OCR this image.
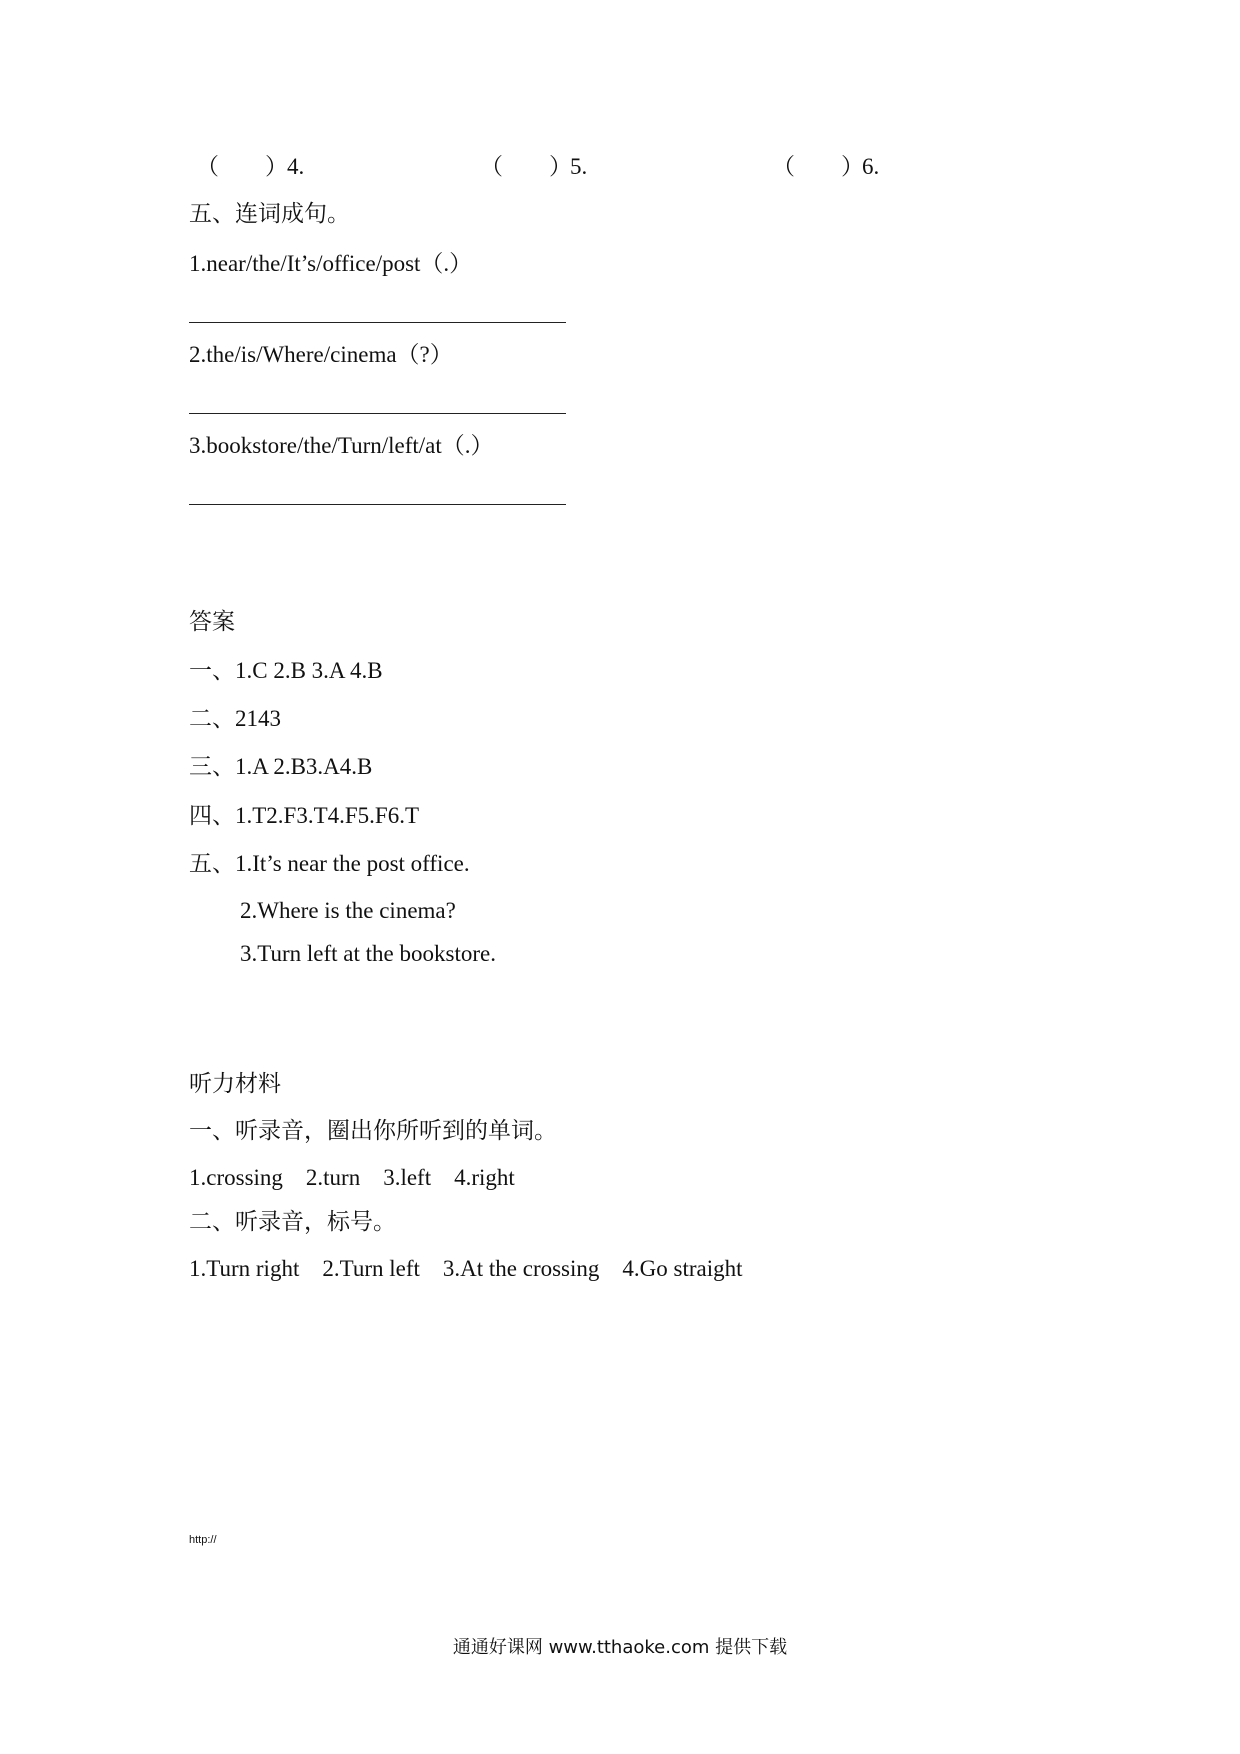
（　　） 4.	（　　）
5.	（　　）
6.
五、连词成句。
1.near/the/It’s/office/post（.）
2.the/is/Where/cinema（?）
3.bookstore/the/Turn/left/at（.）
答案
一、1.C 2.B 3.A 4.B
二、2143
三、1.A 2.B3.A4.B
四、1.T2.F3.T4.F5.F6.T
五、1.It’s near the post office.
2.Where is the cinema?
3.Turn left at the bookstore.
听力材料
一、听录音，圈出你所听到的单词。
1.crossing    2.turn    3.left    4.right
二、听录音，标号。
1.Turn right    2.Turn left    3.At the crossing    4.Go straight
http://
通通好课网 www.tthaoke.com 提供下载
